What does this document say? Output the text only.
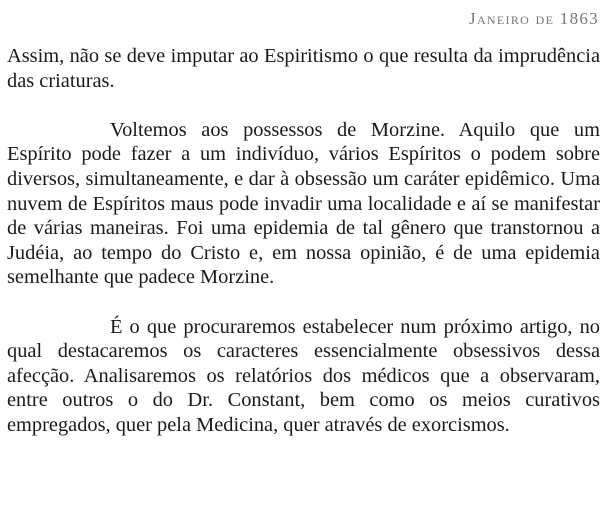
Janeiro de 1863

Assim, não se deve imputar ao Espiritismo o que resulta da imprudência das criaturas.

Voltemos aos possessos de Morzine. Aquilo que um Espírito pode fazer a um indivíduo, vários Espíritos o podem sobre diversos, simultaneamente, e dar à obsessão um caráter epidêmico. Uma nuvem de Espíritos maus pode invadir uma localidade e aí se manifestar de várias maneiras. Foi uma epidemia de tal gênero que transtornou a Judéia, ao tempo do Cristo e, em nossa opinião, é de uma epidemia semelhante que padece Morzine.

É o que procuraremos estabelecer num próximo artigo, no qual destacaremos os caracteres essencialmente obsessivos dessa afecção. Analisaremos os relatórios dos médicos que a observaram, entre outros o do Dr. Constant, bem como os meios curativos empregados, quer pela Medicina, quer através de exorcismos.
